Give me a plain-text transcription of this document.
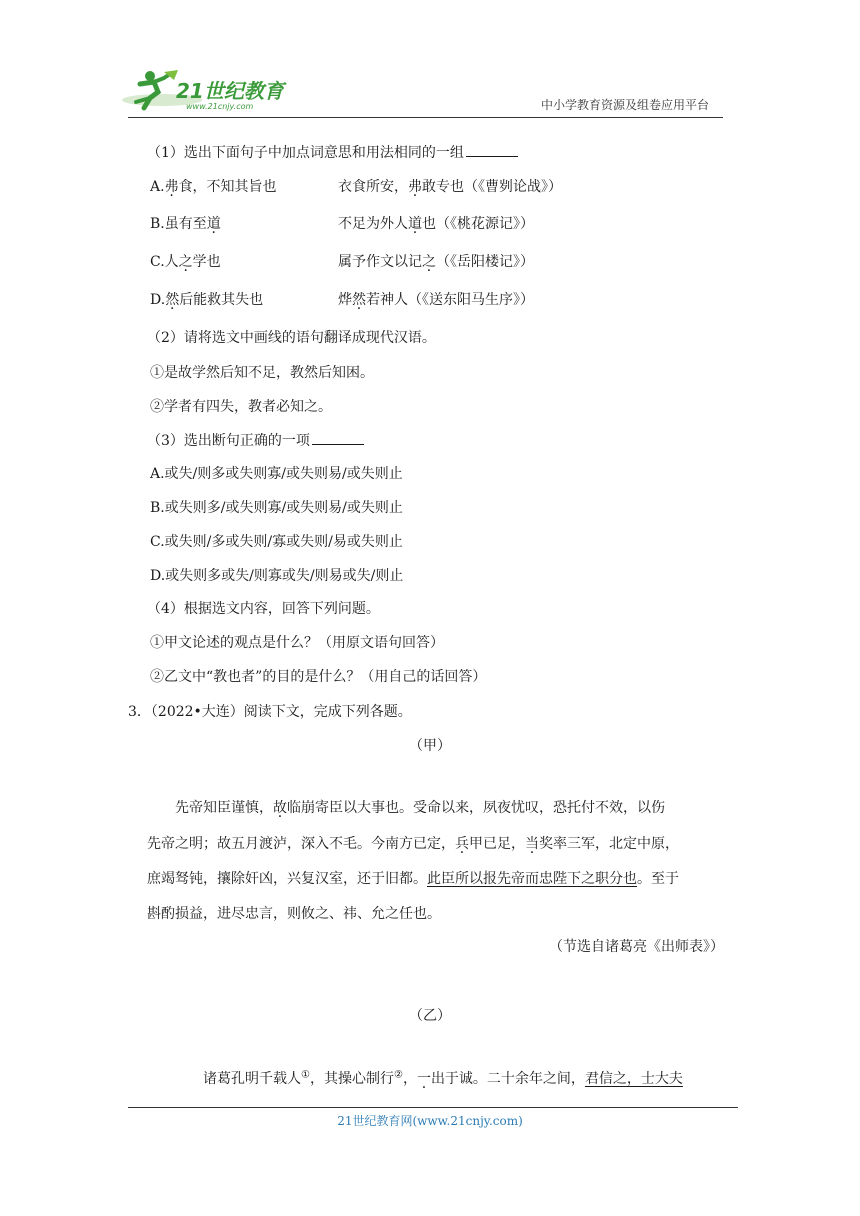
21世纪教育
www.21cnjy.com	中小学教育资源及组卷应用平台
（1）选出下面句子中加点词意思和用法相同的一组
A.弗食，不知其旨也	衣食所安，弗敢专也（《曹刿论战》）
B.虽有至道	不足为外人道也（《桃花源记》）
C.人之学也	属予作文以记之（《岳阳楼记》）
D.然后能救其失也	烨然若神人（《送东阳马生序》）
（2）请将选文中画线的语句翻译成现代汉语。
①是故学然后知不足，教然后知困。
②学者有四失，教者必知之。
（3）选出断句正确的一项
A.或失/则多或失则寡/或失则易/或失则止
B.或失则多/或失则寡/或失则易/或失则止
C.或失则/多或失则/寡或失则/易或失则止
D.或失则多或失/则寡或失/则易或失/则止
（4）根据选文内容，回答下列问题。
①甲文论述的观点是什么？（用原文语句回答）
②乙文中“教也者”的目的是什么？（用自己的话回答）
3．（2022•大连）阅读下文，完成下列各题。
（甲）
先帝知臣谨慎，故临崩寄臣以大事也。受命以来，夙夜忧叹，恐托付不效，以伤
先帝之明；故五月渡泸，深入不毛。今南方已定，兵甲已足，当奖率三军，北定中原，
庶竭驽钝，攘除奸凶，兴复汉室，还于旧都。此臣所以报先帝而忠陛下之职分也。至于
斟酌损益，进尽忠言，则攸之、祎、允之任也。
（节选自诸葛亮《出师表》）
（乙）
诸葛孔明千载人①，其操心制行②，一出于诚。二十余年之间，君信之，士大夫
21世纪教育网(www.21cnjy.com)
